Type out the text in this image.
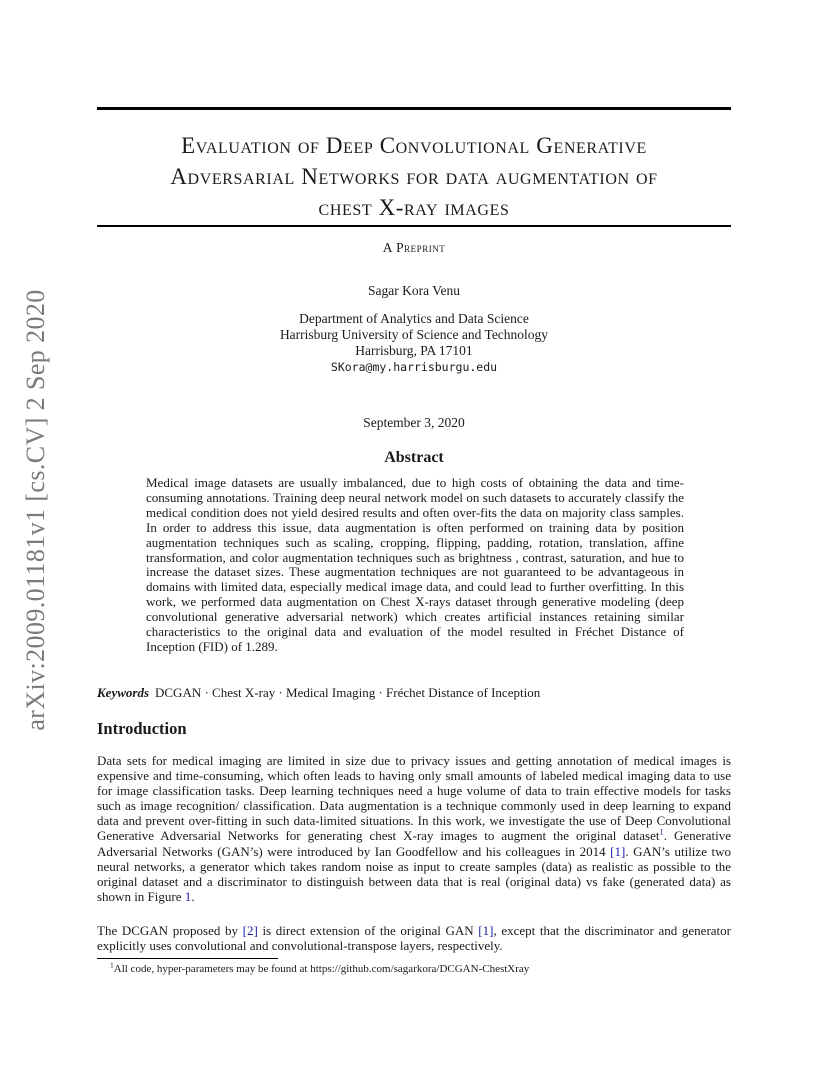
arXiv:2009.01181v1 [cs.CV] 2 Sep 2020
Evaluation of Deep Convolutional Generative
Adversarial Networks for data augmentation of
chest X-ray images
A Preprint
Sagar Kora Venu
Department of Analytics and Data Science
Harrisburg University of Science and Technology
Harrisburg, PA 17101
SKora@my.harrisburgu.edu
September 3, 2020
Abstract
Medical image datasets are usually imbalanced, due to high costs of obtaining the data and time-consuming annotations. Training deep neural network model on such datasets to accurately classify the medical condition does not yield desired results and often over-fits the data on majority class samples. In order to address this issue, data augmentation is often performed on training data by position augmentation techniques such as scaling, cropping, flipping, padding, rotation, translation, affine transformation, and color augmentation techniques such as brightness , contrast, saturation, and hue to increase the dataset sizes. These augmentation techniques are not guaranteed to be advantageous in domains with limited data, especially medical image data, and could lead to further overfitting. In this work, we performed data augmentation on Chest X-rays dataset through generative modeling (deep convolutional generative adversarial network) which creates artificial instances retaining similar characteristics to the original data and evaluation of the model resulted in Fréchet Distance of Inception (FID) of 1.289.
Keywords DCGAN · Chest X-ray · Medical Imaging · Fréchet Distance of Inception
Introduction
Data sets for medical imaging are limited in size due to privacy issues and getting annotation of medical images is expensive and time-consuming, which often leads to having only small amounts of labeled medical imaging data to use for image classification tasks. Deep learning techniques need a huge volume of data to train effective models for tasks such as image recognition/ classification. Data augmentation is a technique commonly used in deep learning to expand data and prevent over-fitting in such data-limited situations. In this work, we investigate the use of Deep Convolutional Generative Adversarial Networks for generating chest X-ray images to augment the original dataset$^1$. Generative Adversarial Networks (GAN’s) were introduced by Ian Goodfellow and his colleagues in 2014 [1]. GAN’s utilize two neural networks, a generator which takes random noise as input to create samples (data) as realistic as possible to the original dataset and a discriminator to distinguish between data that is real (original data) vs fake (generated data) as shown in Figure 1.
The DCGAN proposed by [2] is direct extension of the original GAN [1], except that the discriminator and generator explicitly uses convolutional and convolutional-transpose layers, respectively.
$^1$All code, hyper-parameters may be found at https://github.com/sagarkora/DCGAN-ChestXray
